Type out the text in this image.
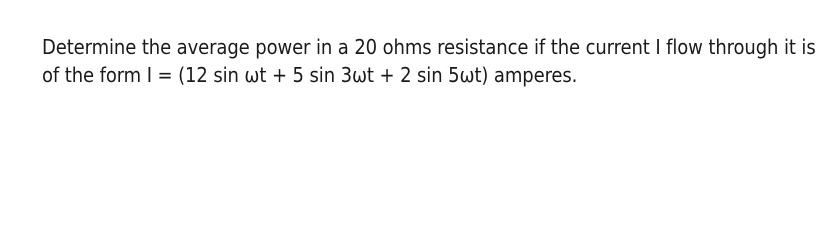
Determine the average power in a 20 ohms resistance if the current I flow through it is
of the form I = (12 sin ωt + 5 sin 3ωt + 2 sin 5ωt) amperes.
